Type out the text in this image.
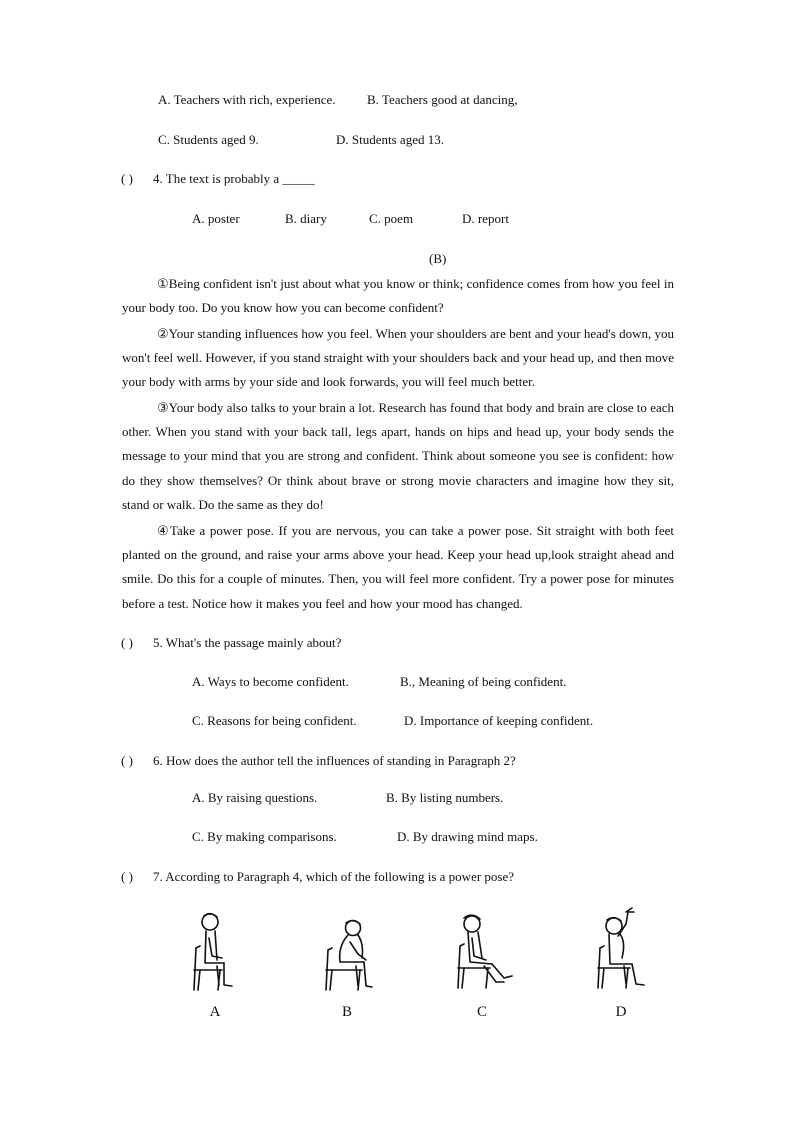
A. Teachers with rich, experience. B. Teachers good at dancing,
C. Students aged 9.	D. Students aged 13.
( ) 4. The text is probably a _____
A. poster	B. diary	C. poem	D. report
(B)
①Being confident isn't just about what you know or think; confidence comes from how you feel in your body too. Do you know how you can become confident?
②Your standing influences how you feel. When your shoulders are bent and your head's down, you won't feel well. However, if you stand straight with your shoulders back and your head up, and then move your body with arms by your side and look forwards, you will feel much better.
③Your body also talks to your brain a lot. Research has found that body and brain are close to each other. When you stand with your back tall, legs apart, hands on hips and head up, your body sends the message to your mind that you are strong and confident. Think about someone you see is confident: how do they show themselves? Or think about brave or strong movie characters and imagine how they sit, stand or walk. Do the same as they do!
④Take a power pose. If you are nervous, you can take a power pose. Sit straight with both feet planted on the ground, and raise your arms above your head. Keep your head up,look straight ahead and smile. Do this for a couple of minutes. Then, you will feel more confident. Try a power pose for minutes before a test. Notice how it makes you feel and how your mood has changed.
( ) 5. What's the passage mainly about?
A. Ways to become confident.	B., Meaning of being confident.
C. Reasons for being confident.	D. Importance of keeping confident.
( ) 6. How does the author tell the influences of standing in Paragraph 2?
A. By raising questions.	B. By listing numbers.
C. By making comparisons.	D. By drawing mind maps.
( ) 7. According to Paragraph 4, which of the following is a power pose?
A	B	C	D
